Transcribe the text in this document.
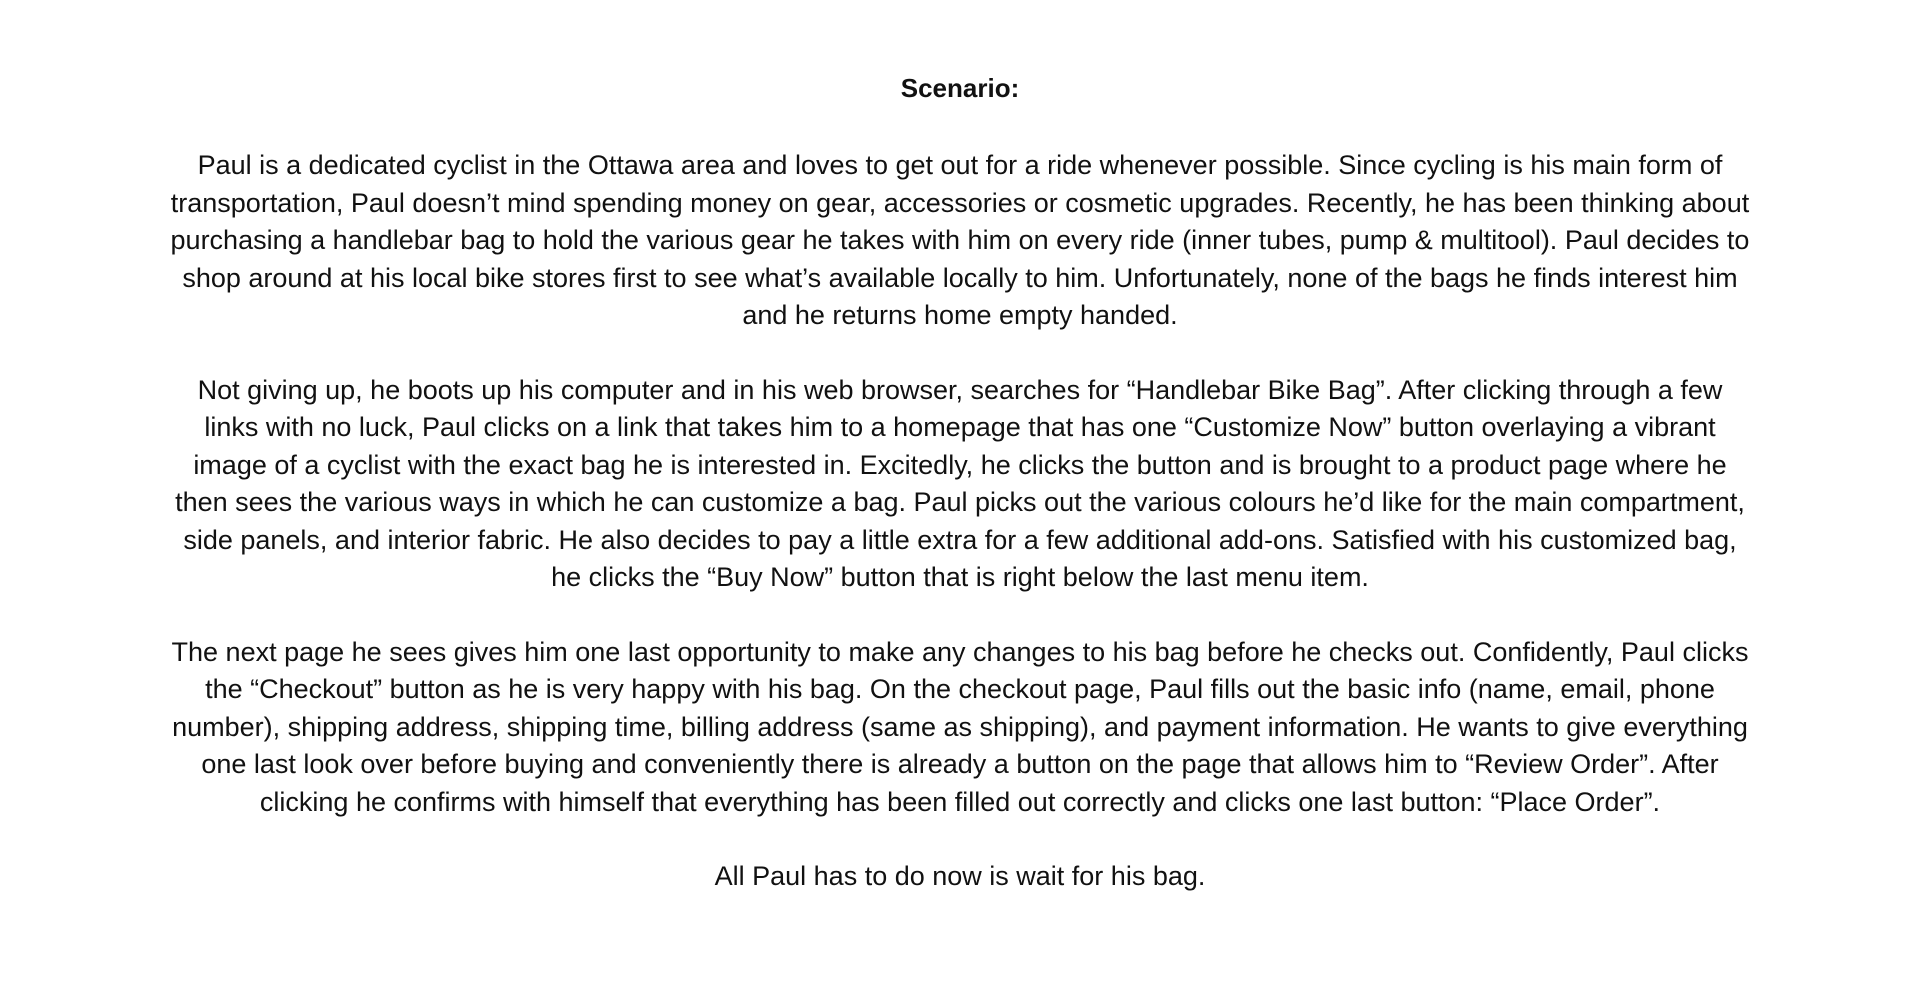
Scenario:

Paul is a dedicated cyclist in the Ottawa area and loves to get out for a ride whenever possible. Since cycling is his main form of transportation, Paul doesn’t mind spending money on gear, accessories or cosmetic upgrades. Recently, he has been thinking about purchasing a handlebar bag to hold the various gear he takes with him on every ride (inner tubes, pump & multitool). Paul decides to shop around at his local bike stores first to see what’s available locally to him. Unfortunately, none of the bags he finds interest him and he returns home empty handed.

Not giving up, he boots up his computer and in his web browser, searches for “Handlebar Bike Bag”. After clicking through a few links with no luck, Paul clicks on a link that takes him to a homepage that has one “Customize Now” button overlaying a vibrant image of a cyclist with the exact bag he is interested in. Excitedly, he clicks the button and is brought to a product page where he then sees the various ways in which he can customize a bag. Paul picks out the various colours he’d like for the main compartment, side panels, and interior fabric. He also decides to pay a little extra for a few additional add-ons. Satisfied with his customized bag, he clicks the “Buy Now” button that is right below the last menu item.

The next page he sees gives him one last opportunity to make any changes to his bag before he checks out. Confidently, Paul clicks the “Checkout” button as he is very happy with his bag. On the checkout page, Paul fills out the basic info (name, email, phone number), shipping address, shipping time, billing address (same as shipping), and payment information. He wants to give everything one last look over before buying and conveniently there is already a button on the page that allows him to “Review Order”. After clicking he confirms with himself that everything has been filled out correctly and clicks one last button: “Place Order”.

All Paul has to do now is wait for his bag.
